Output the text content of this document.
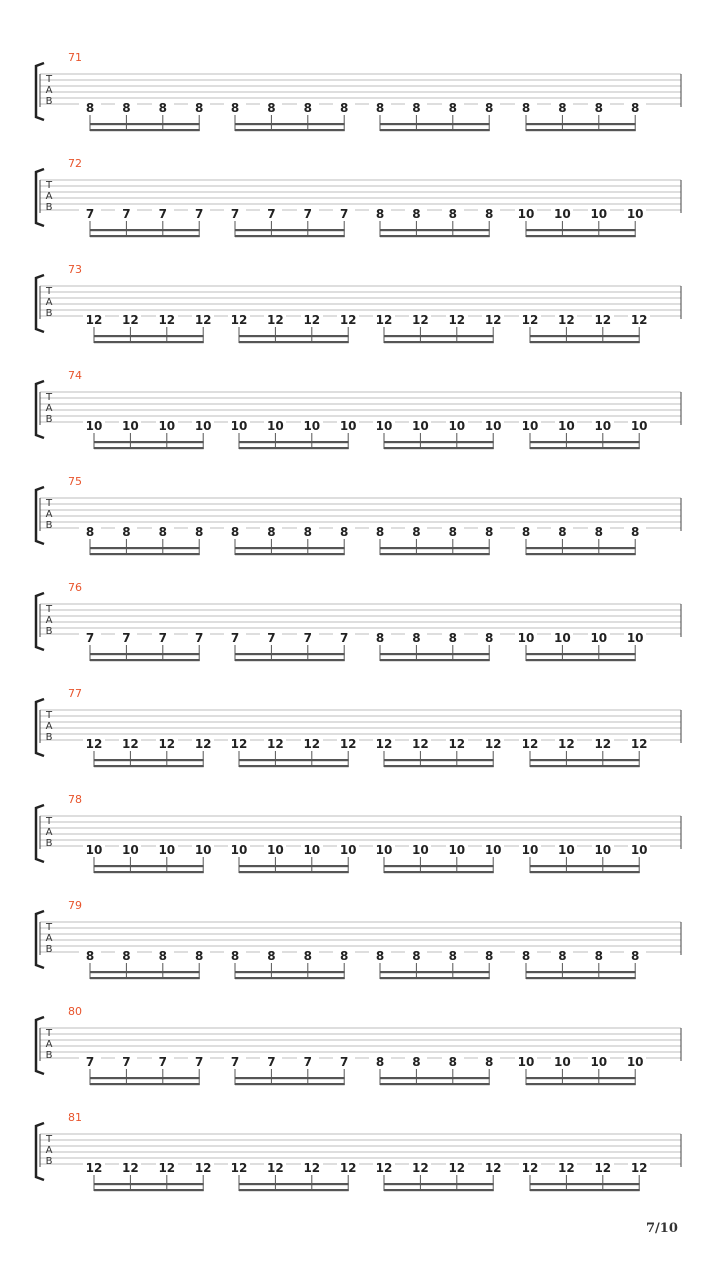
71
T
A
B	8	8	8	8	8	8	8	8	8	8	8	8	8	8	8	8
72
T
A
B	7	7	7	7	7	7	7	7	8	8	8	8	10 10 10 10
73
T
A
B	12 12 12 12 12 12 12 12 12 12 12 12 12 12 12 12
74
T
A
B	10 10 10 10 10 10 10 10 10 10 10 10 10 10 10 10
75
T
A
B	8	8	8	8	8	8	8	8	8	8	8	8	8	8	8	8
76
T
A
B	7	7	7	7	7	7	7	7	8	8	8	8	10 10 10 10
77
T
A
B	12 12 12 12 12 12 12 12 12 12 12 12 12 12 12 12
78
T
A
B	10 10 10 10 10 10 10 10 10 10 10 10 10 10 10 10
79
T
A
B	8	8	8	8	8	8	8	8	8	8	8	8	8	8	8	8
80
T
A
B	7	7	7	7	7	7	7	7	8	8	8	8	10 10 10 10
81
T
A
B	12 12 12 12 12 12 12 12 12 12 12 12 12 12 12 12
7/10
